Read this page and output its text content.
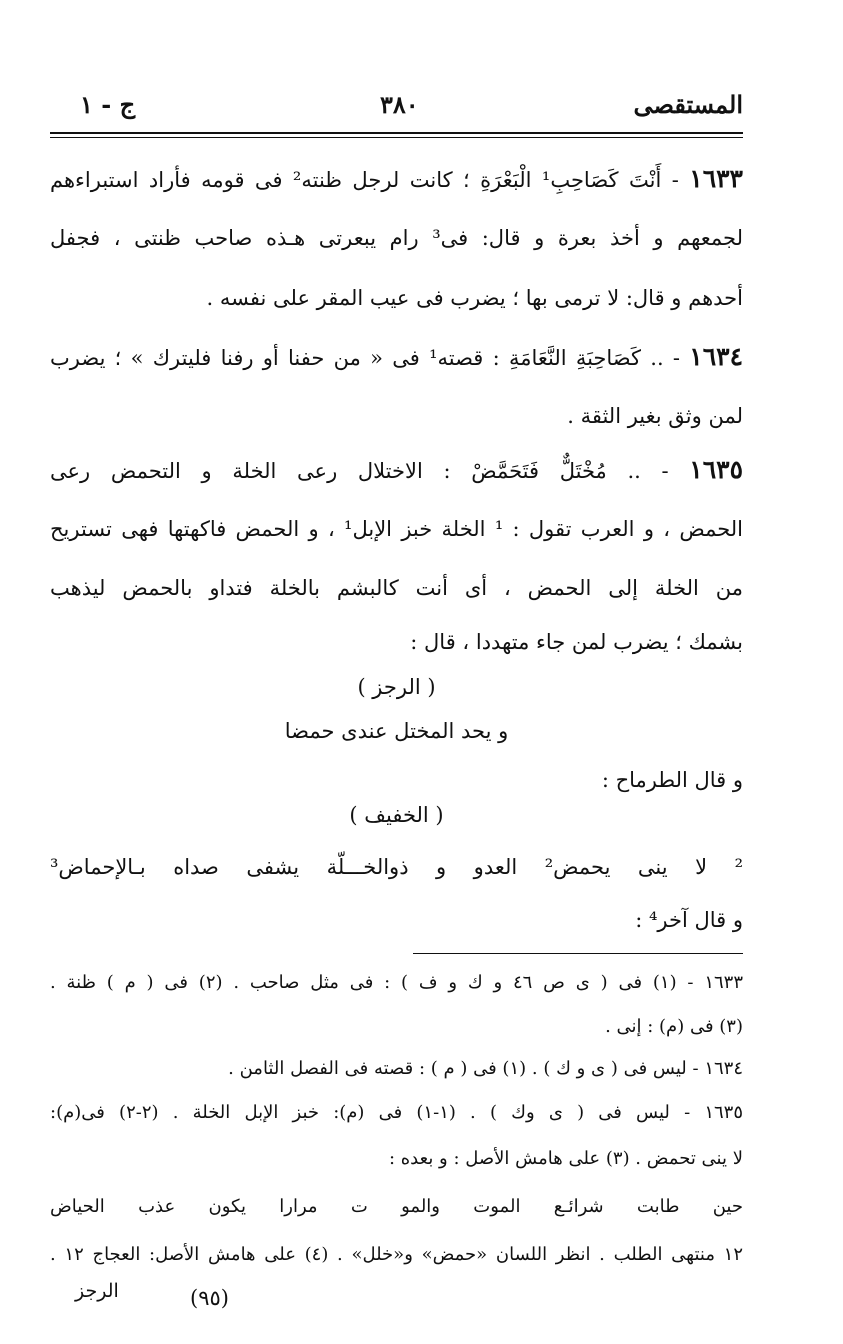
المستقصى
٣٨٠
ج - ١
١٦٣٣ - أَنْتَ كَصَاحِبِ¹ الْبَعْرَةِ ؛ كانت لرجل ظنته² فى قومه فأراد استبراءهم
لجمعهم و أخذ بعرة و قال: فى³ رام يبعرتى هـذه صاحب ظنتى ، فجفل
أحدهم و قال: لا ترمى بها ؛ يضرب فى عيب المقر على نفسه .
١٦٣٤ - .. كَصَاحِبَةِ النَّعَامَةِ : قصته¹ فى « من حفنا أو رفنا فليترك » ؛ يضرب
لمن وثق بغير الثقة .
١٦٣٥ - .. مُخْتَلٌّ فَتَحَمَّضْ : الاختلال رعى الخلة و التحمض رعى
الحمض ، و العرب تقول : ¹ الخلة خبز الإبل¹ ، و الحمض فاكهتها فهى تستريح
من الخلة إلى الحمض ، أى أنت كالبشم بالخلة فتداو بالحمض ليذهب
بشمك ؛ يضرب لمن جاء متهددا ، قال :
( الرجز )
و يحد المختل عندى حمضا
و قال الطرماح :
( الخفيف )
² لا ينى يحمض² العدو و ذوالخـــلّة يشفى صداه بـالإحماض³
و قال آخر⁴ :
١٦٣٣ - (١) فى ( ى ص ٤٦ و ك و ف ) : فى مثل صاحب . (٢) فى ( م ) ظنة .
(٣) فى (م) : إنى .
١٦٣٤ - ليس فى ( ى و ك ) . (١) فى ( م ) : قصته فى الفصل الثامن .
١٦٣٥ - ليس فى ( ى وك ) . (١-١) فى (م): خبز الإبل الخلة . (٢-٢) فى(م):
لا ينى تحمض . (٣) على هامش الأصل : و بعده :
حين طابت شرائـع الموت والمو ت مرارا يكون عذب الحياض
١٢ منتهى الطلب . انظر اللسان «حمض» و«خلل» . (٤) على هامش الأصل: العجاج ١٢ .
(٩٥)
الرجز
